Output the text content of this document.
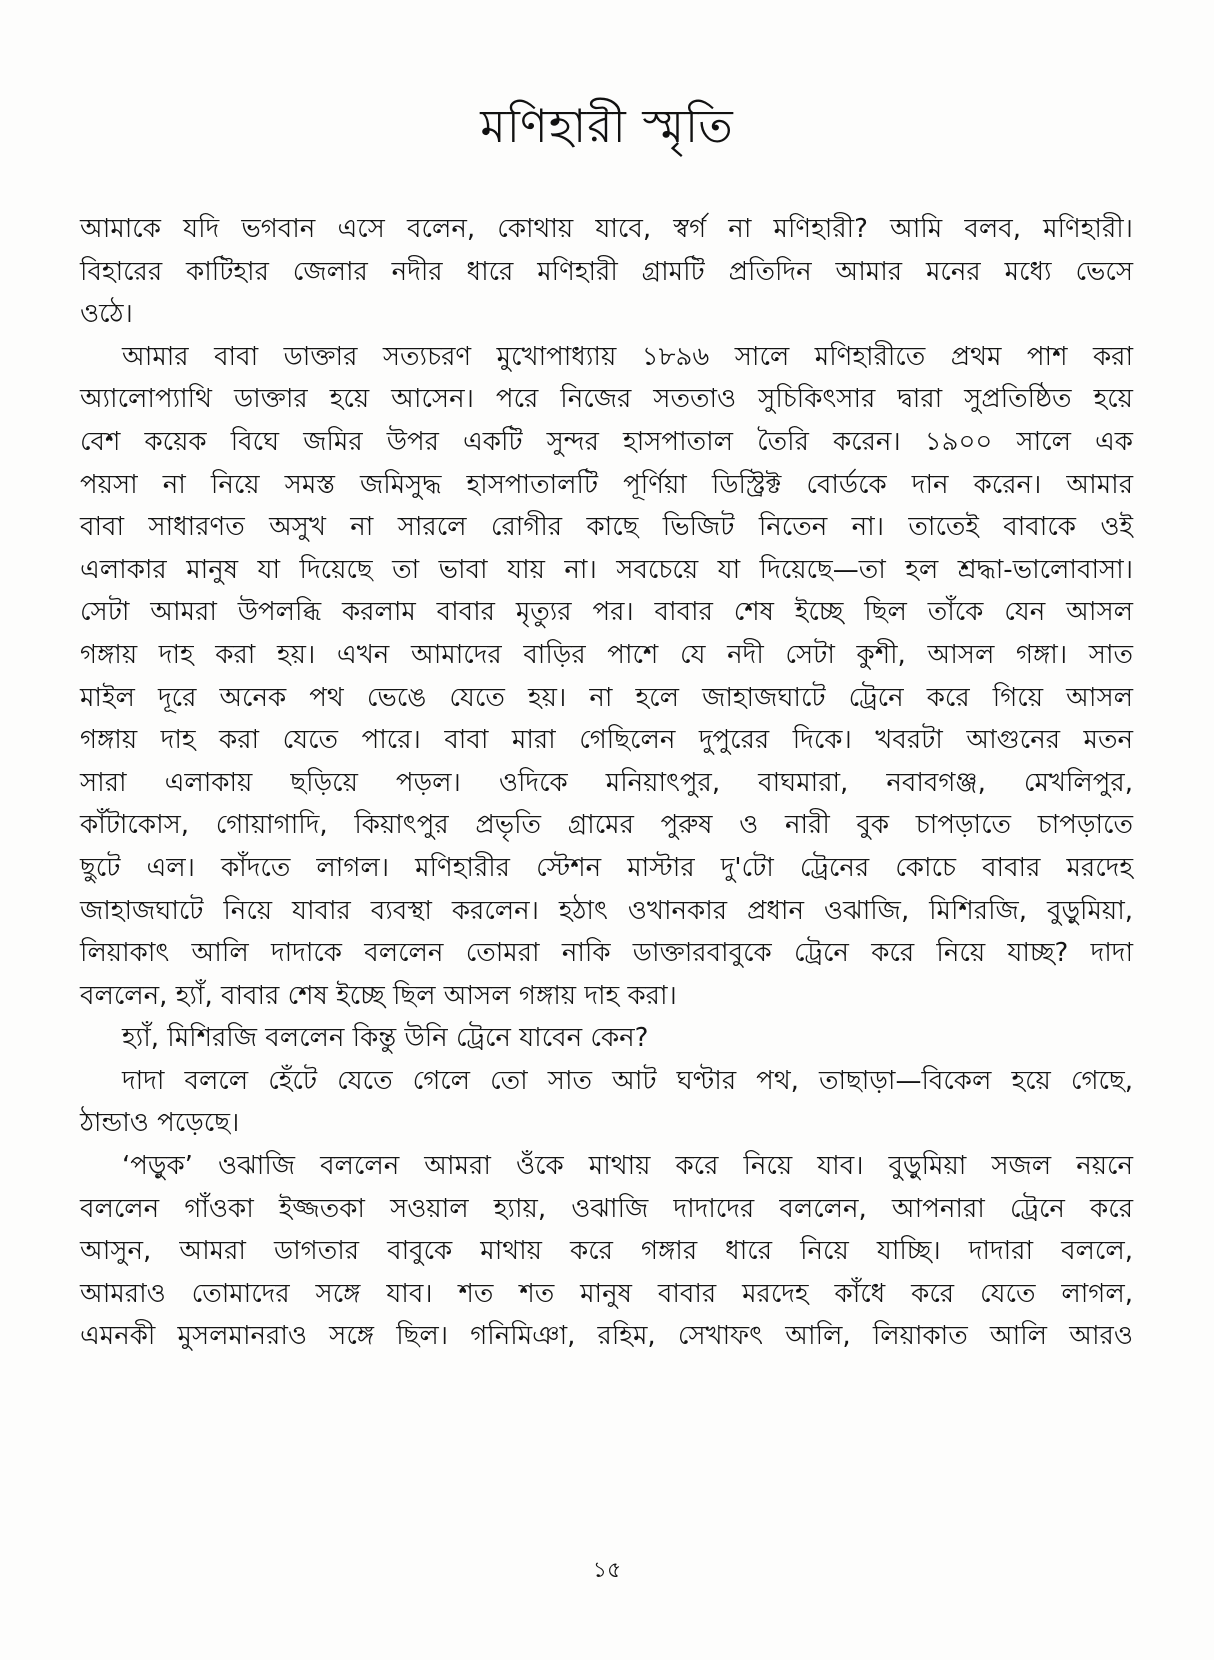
মণিহারী স্মৃতি
আমাকে যদি ভগবান এসে বলেন, কোথায় যাবে, স্বর্গ না মণিহারী? আমি বলব, মণিহারী।
বিহারের কাটিহার জেলার নদীর ধারে মণিহারী গ্রামটি প্রতিদিন আমার মনের মধ্যে ভেসে
ওঠে।
আমার বাবা ডাক্তার সত্যচরণ মুখোপাধ্যায় ১৮৯৬ সালে মণিহারীতে প্রথম পাশ করা
অ্যালোপ্যাথি ডাক্তার হয়ে আসেন। পরে নিজের সততাও সুচিকিৎসার দ্বারা সুপ্রতিষ্ঠিত হয়ে
বেশ কয়েক বিঘে জমির উপর একটি সুন্দর হাসপাতাল তৈরি করেন। ১৯০০ সালে এক
পয়সা না নিয়ে সমস্ত জমিসুদ্ধ হাসপাতালটি পূর্ণিয়া ডিস্ট্রিক্ট বোর্ডকে দান করেন। আমার
বাবা সাধারণত অসুখ না সারলে রোগীর কাছে ভিজিট নিতেন না। তাতেই বাবাকে ওই
এলাকার মানুষ যা দিয়েছে তা ভাবা যায় না। সবচেয়ে যা দিয়েছে—তা হল শ্রদ্ধা-ভালোবাসা।
সেটা আমরা উপলব্ধি করলাম বাবার মৃত্যুর পর। বাবার শেষ ইচ্ছে ছিল তাঁকে যেন আসল
গঙ্গায় দাহ করা হয়। এখন আমাদের বাড়ির পাশে যে নদী সেটা কুশী, আসল গঙ্গা। সাত
মাইল দূরে অনেক পথ ভেঙে যেতে হয়। না হলে জাহাজঘাটে ট্রেনে করে গিয়ে আসল
গঙ্গায় দাহ করা যেতে পারে। বাবা মারা গেছিলেন দুপুরের দিকে। খবরটা আগুনের মতন
সারা এলাকায় ছড়িয়ে পড়ল। ওদিকে মনিয়াৎপুর, বাঘমারা, নবাবগঞ্জ, মেখলিপুর,
কাঁটাকোস, গোয়াগাদি, কিয়াৎপুর প্রভৃতি গ্রামের পুরুষ ও নারী বুক চাপড়াতে চাপড়াতে
ছুটে এল। কাঁদতে লাগল। মণিহারীর স্টেশন মাস্টার দু'টো ট্রেনের কোচে বাবার মরদেহ
জাহাজঘাটে নিয়ে যাবার ব্যবস্থা করলেন। হঠাৎ ওখানকার প্রধান ওঝাজি, মিশিরজি, বুড়ুমিয়া,
লিয়াকাৎ আলি দাদাকে বললেন তোমরা নাকি ডাক্তারবাবুকে ট্রেনে করে নিয়ে যাচ্ছ? দাদা
বললেন, হ্যাঁ, বাবার শেষ ইচ্ছে ছিল আসল গঙ্গায় দাহ করা।
হ্যাঁ, মিশিরজি বললেন কিন্তু উনি ট্রেনে যাবেন কেন?
দাদা বললে হেঁটে যেতে গেলে তো সাত আট ঘণ্টার পথ, তাছাড়া—বিকেল হয়ে গেছে,
ঠান্ডাও পড়েছে।
‘পড়ুক’ ওঝাজি বললেন আমরা ওঁকে মাথায় করে নিয়ে যাব। বুড়ুমিয়া সজল নয়নে
বললেন গাঁওকা ইজ্জতকা সওয়াল হ্যায়, ওঝাজি দাদাদের বললেন, আপনারা ট্রেনে করে
আসুন, আমরা ডাগতার বাবুকে মাথায় করে গঙ্গার ধারে নিয়ে যাচ্ছি। দাদারা বললে,
আমরাও তোমাদের সঙ্গে যাব। শত শত মানুষ বাবার মরদেহ কাঁধে করে যেতে লাগল,
এমনকী মুসলমানরাও সঙ্গে ছিল। গনিমিঞা, রহিম, সেখাফৎ আলি, লিয়াকাত আলি আরও
১৫
